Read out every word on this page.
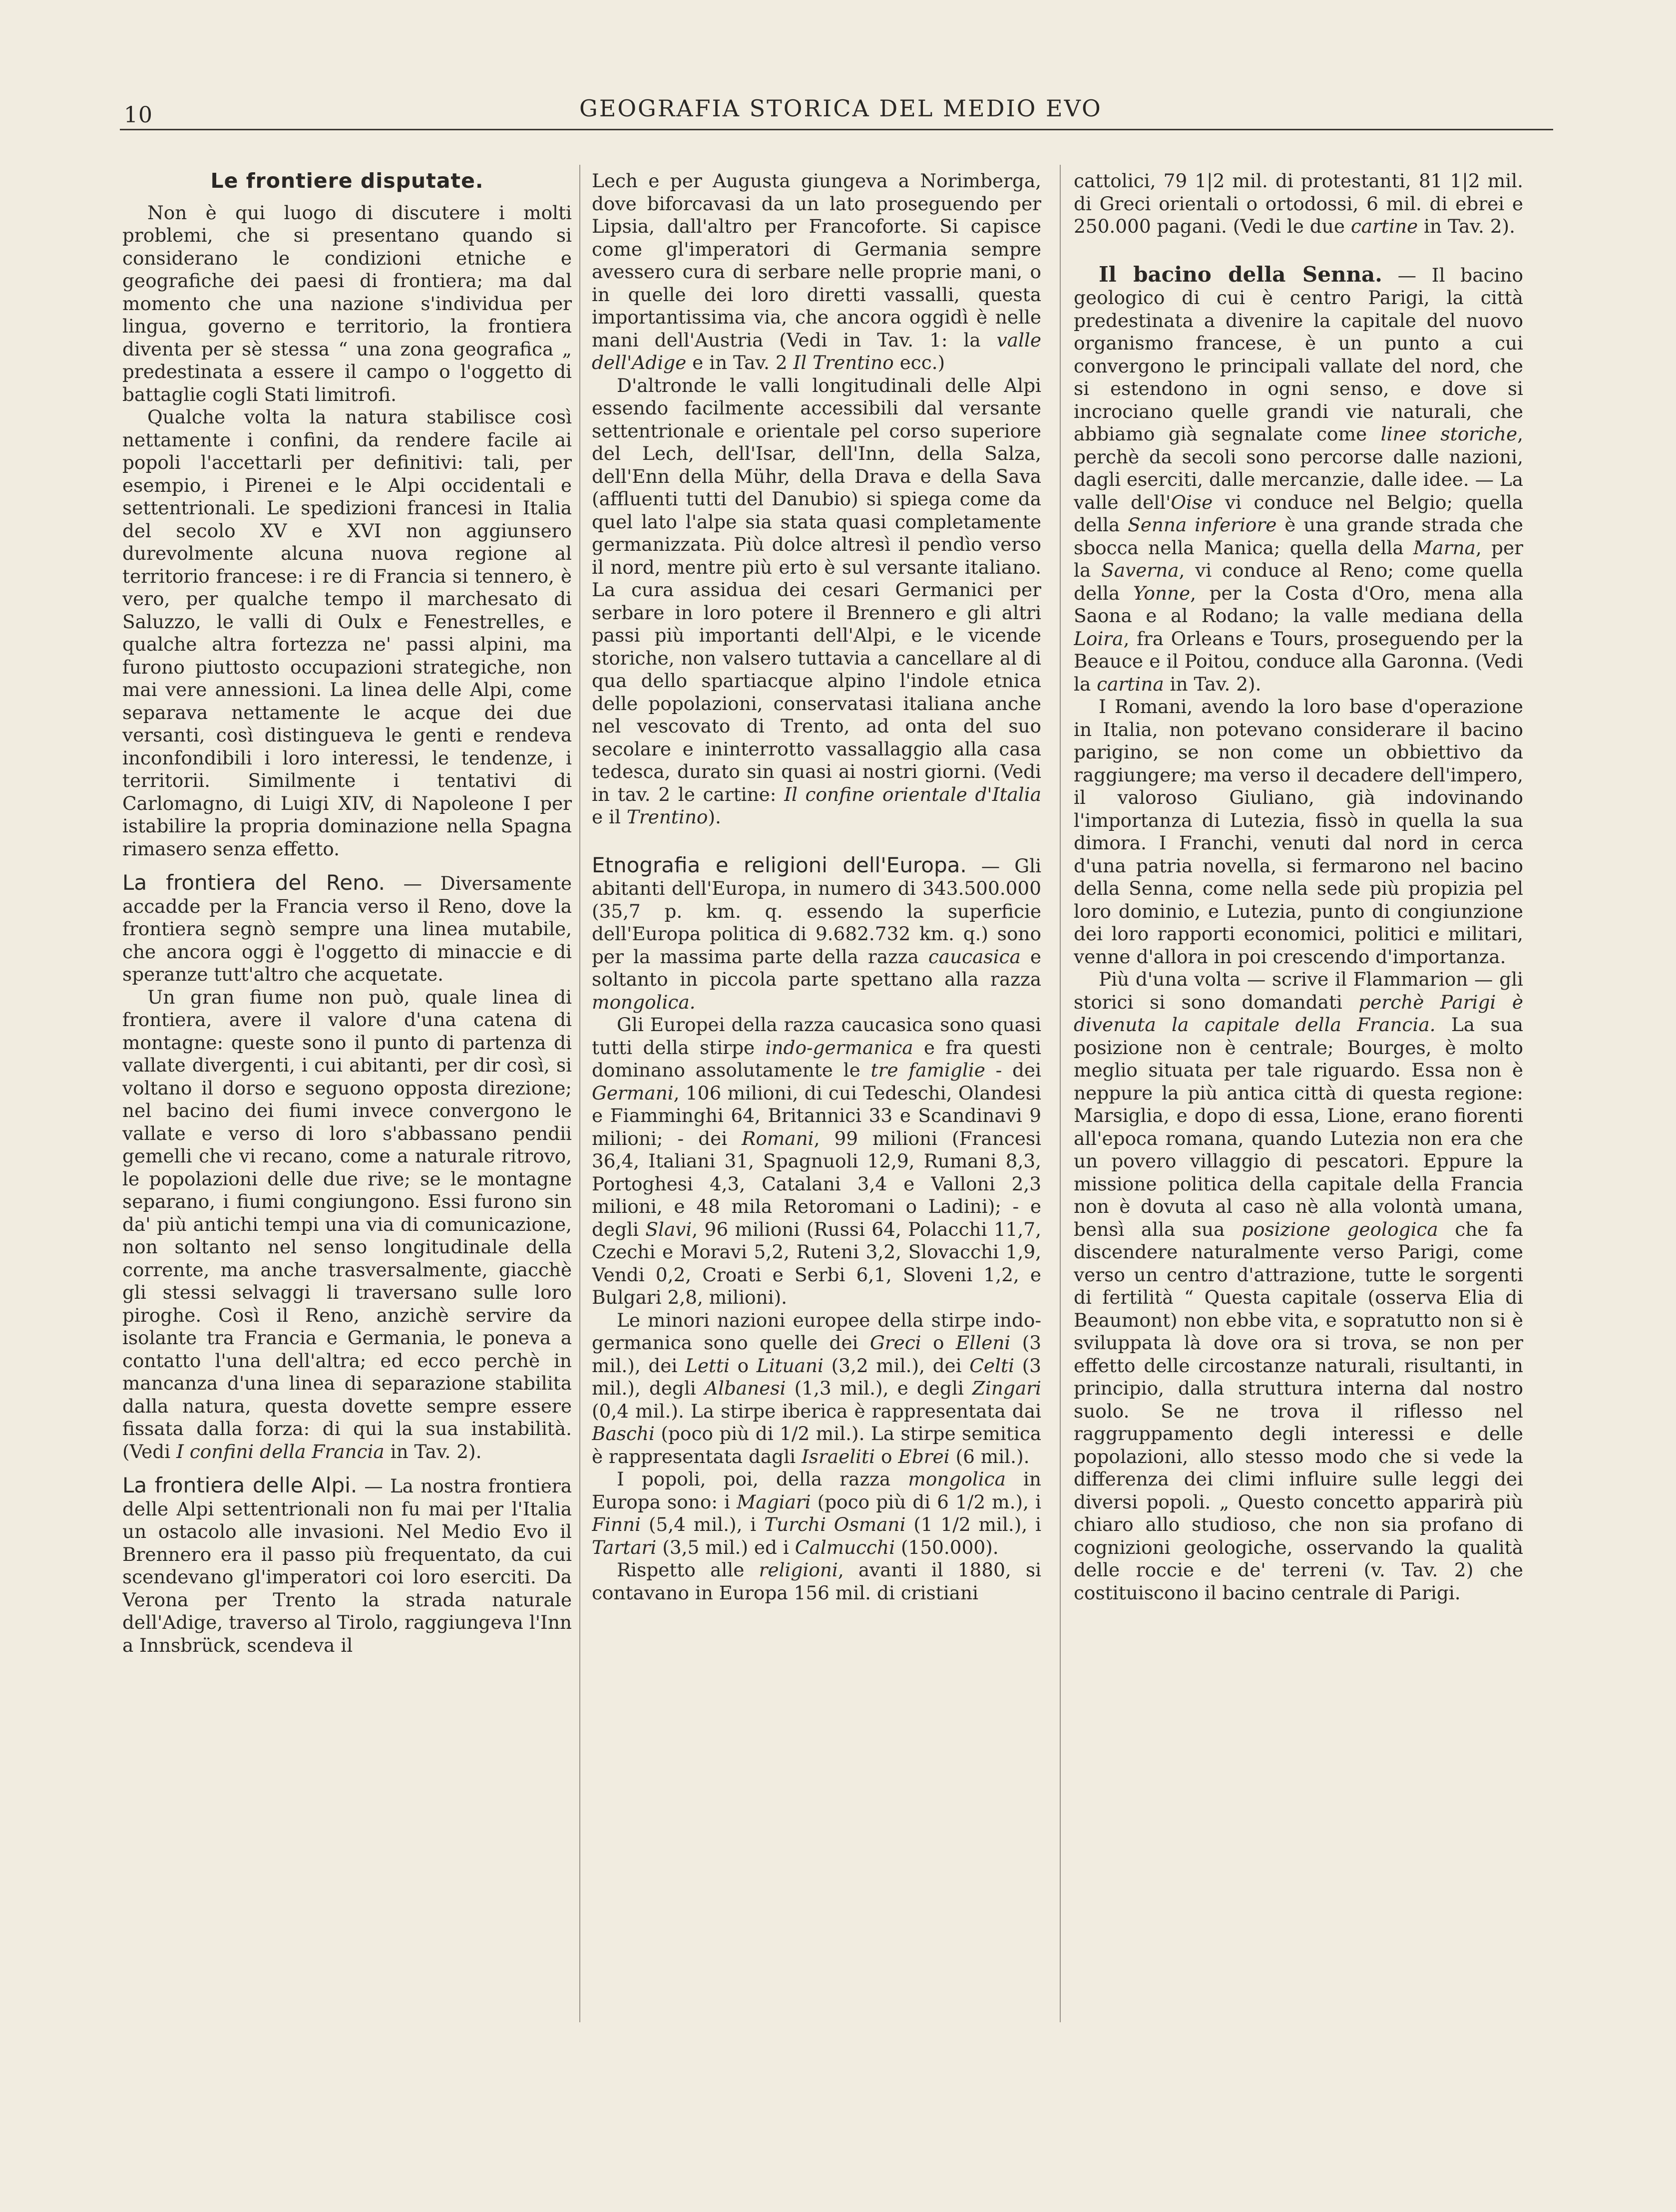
10	GEOGRAFIA STORICA DEL MEDIO EVO
Le frontiere disputate.

Non è qui luogo di discutere i molti problemi, che si presentano quando si considerano le condizioni etniche e geografiche dei paesi di frontiera; ma dal momento che una nazione s'individua per lingua, governo e territorio, la frontiera diventa per sè stessa “ una zona geografica „ predestinata a essere il campo o l'oggetto di battaglie cogli Stati limitrofi.

Qualche volta la natura stabilisce così nettamente i confini, da rendere facile ai popoli l'accettarli per definitivi: tali, per esempio, i Pirenei e le Alpi occidentali e settentrionali. Le spedizioni francesi in Italia del secolo XV e XVI non aggiunsero durevolmente alcuna nuova regione al territorio francese: i re di Francia si tennero, è vero, per qualche tempo il marchesato di Saluzzo, le valli di Oulx e Fenestrelles, e qualche altra fortezza ne' passi alpini, ma furono piuttosto occupazioni strategiche, non mai vere annessioni. La linea delle Alpi, come separava nettamente le acque dei due versanti, così distingueva le genti e rendeva inconfondibili i loro interessi, le tendenze, i territorii. Similmente i tentativi di Carlomagno, di Luigi XIV, di Napoleone I per istabilire la propria dominazione nella Spagna rimasero senza effetto.

La frontiera del Reno. — Diversamente accadde per la Francia verso il Reno, dove la frontiera segnò sempre una linea mutabile, che ancora oggi è l'oggetto di minaccie e di speranze tutt'altro che acquetate.

Un gran fiume non può, quale linea di frontiera, avere il valore d'una catena di montagne: queste sono il punto di partenza di vallate divergenti, i cui abitanti, per dir così, si voltano il dorso e seguono opposta direzione; nel bacino dei fiumi invece convergono le vallate e verso di loro s'abbassano pendii gemelli che vi recano, come a naturale ritrovo, le popolazioni delle due rive; se le montagne separano, i fiumi congiungono. Essi furono sin da' più antichi tempi una via di comunicazione, non soltanto nel senso longitudinale della corrente, ma anche trasversalmente, giacchè gli stessi selvaggi li traversano sulle loro piroghe. Così il Reno, anzichè servire da isolante tra Francia e Germania, le poneva a contatto l'una dell'altra; ed ecco perchè in mancanza d'una linea di separazione stabilita dalla natura, questa dovette sempre essere fissata dalla forza: di qui la sua instabilità. (Vedi I confini della Francia in Tav. 2).

La frontiera delle Alpi. — La nostra frontiera delle Alpi settentrionali non fu mai per l'Italia un ostacolo alle invasioni. Nel Medio Evo il Brennero era il passo più frequentato, da cui scendevano gl'imperatori coi loro eserciti. Da Verona per Trento la strada naturale dell'Adige, traverso al Tirolo, raggiungeva l'Inn a Innsbrück, scendeva il

Lech e per Augusta giungeva a Norimberga, dove biforcavasi da un lato proseguendo per Lipsia, dall'altro per Francoforte. Si capisce come gl'imperatori di Germania sempre avessero cura di serbare nelle proprie mani, o in quelle dei loro diretti vassalli, questa importantissima via, che ancora oggidì è nelle mani dell'Austria (Vedi in Tav. 1: la valle dell'Adige e in Tav. 2 Il Trentino ecc.)

D'altronde le valli longitudinali delle Alpi essendo facilmente accessibili dal versante settentrionale e orientale pel corso superiore del Lech, dell'Isar, dell'Inn, della Salza, dell'Enn della Mühr, della Drava e della Sava (affluenti tutti del Danubio) si spiega come da quel lato l'alpe sia stata quasi completamente germanizzata. Più dolce altresì il pendìo verso il nord, mentre più erto è sul versante italiano. La cura assidua dei cesari Germanici per serbare in loro potere il Brennero e gli altri passi più importanti dell'Alpi, e le vicende storiche, non valsero tuttavia a cancellare al di qua dello spartiacque alpino l'indole etnica delle popolazioni, conservatasi italiana anche nel vescovato di Trento, ad onta del suo secolare e ininterrotto vassallaggio alla casa tedesca, durato sin quasi ai nostri giorni. (Vedi in tav. 2 le cartine: Il confine orientale d'Italia e il Trentino).

Etnografia e religioni dell'Europa. — Gli abitanti dell'Europa, in numero di 343.500.000 (35,7 p. km. q. essendo la superficie dell'Europa politica di 9.682.732 km. q.) sono per la massima parte della razza caucasica e soltanto in piccola parte spettano alla razza mongolica.

Gli Europei della razza caucasica sono quasi tutti della stirpe indo-germanica e fra questi dominano assolutamente le tre famiglie - dei Germani, 106 milioni, di cui Tedeschi, Olandesi e Fiamminghi 64, Britannici 33 e Scandinavi 9 milioni; - dei Romani, 99 milioni (Francesi 36,4, Italiani 31, Spagnuoli 12,9, Rumani 8,3, Portoghesi 4,3, Catalani 3,4 e Valloni 2,3 milioni, e 48 mila Retoromani o Ladini); - e degli Slavi, 96 milioni (Russi 64, Polacchi 11,7, Czechi e Moravi 5,2, Ruteni 3,2, Slovacchi 1,9, Vendi 0,2, Croati e Serbi 6,1, Sloveni 1,2, e Bulgari 2,8, milioni).

Le minori nazioni europee della stirpe indo-germanica sono quelle dei Greci o Elleni (3 mil.), dei Letti o Lituani (3,2 mil.), dei Celti (3 mil.), degli Albanesi (1,3 mil.), e degli Zingari (0,4 mil.). La stirpe iberica è rappresentata dai Baschi (poco più di 1/2 mil.). La stirpe semitica è rappresentata dagli Israeliti o Ebrei (6 mil.).

I popoli, poi, della razza mongolica in Europa sono: i Magiari (poco più di 6 1/2 m.), i Finni (5,4 mil.), i Turchi Osmani (1 1/2 mil.), i Tartari (3,5 mil.) ed i Calmucchi (150.000).

Rispetto alle religioni, avanti il 1880, si contavano in Europa 156 mil. di cristiani

cattolici, 79 1|2 mil. di protestanti, 81 1|2 mil. di Greci orientali o ortodossi, 6 mil. di ebrei e 250.000 pagani. (Vedi le due cartine in Tav. 2).

Il bacino della Senna. — Il bacino geologico di cui è centro Parigi, la città predestinata a divenire la capitale del nuovo organismo francese, è un punto a cui convergono le principali vallate del nord, che si estendono in ogni senso, e dove si incrociano quelle grandi vie naturali, che abbiamo già segnalate come linee storiche, perchè da secoli sono percorse dalle nazioni, dagli eserciti, dalle mercanzie, dalle idee. — La valle dell'Oise vi conduce nel Belgio; quella della Senna inferiore è una grande strada che sbocca nella Manica; quella della Marna, per la Saverna, vi conduce al Reno; come quella della Yonne, per la Costa d'Oro, mena alla Saona e al Rodano; la valle mediana della Loira, fra Orleans e Tours, proseguendo per la Beauce e il Poitou, conduce alla Garonna. (Vedi la cartina in Tav. 2).

I Romani, avendo la loro base d'operazione in Italia, non potevano considerare il bacino parigino, se non come un obbiettivo da raggiungere; ma verso il decadere dell'impero, il valoroso Giuliano, già indovinando l'importanza di Lutezia, fissò in quella la sua dimora. I Franchi, venuti dal nord in cerca d'una patria novella, si fermarono nel bacino della Senna, come nella sede più propizia pel loro dominio, e Lutezia, punto di congiunzione dei loro rapporti economici, politici e militari, venne d'allora in poi crescendo d'importanza.

Più d'una volta — scrive il Flammarion — gli storici si sono domandati perchè Parigi è divenuta la capitale della Francia. La sua posizione non è centrale; Bourges, è molto meglio situata per tale riguardo. Essa non è neppure la più antica città di questa regione: Marsiglia, e dopo di essa, Lione, erano fiorenti all'epoca romana, quando Lutezia non era che un povero villaggio di pescatori. Eppure la missione politica della capitale della Francia non è dovuta al caso nè alla volontà umana, bensì alla sua posizione geologica che fa discendere naturalmente verso Parigi, come verso un centro d'attrazione, tutte le sorgenti di fertilità “ Questa capitale (osserva Elia di Beaumont) non ebbe vita, e sopratutto non si è sviluppata là dove ora si trova, se non per effetto delle circostanze naturali, risultanti, in principio, dalla struttura interna dal nostro suolo. Se ne trova il riflesso nel raggruppamento degli interessi e delle popolazioni, allo stesso modo che si vede la differenza dei climi influire sulle leggi dei diversi popoli. „ Questo concetto apparirà più chiaro allo studioso, che non sia profano di cognizioni geologiche, osservando la qualità delle roccie e de' terreni (v. Tav. 2) che costituiscono il bacino centrale di Parigi.
